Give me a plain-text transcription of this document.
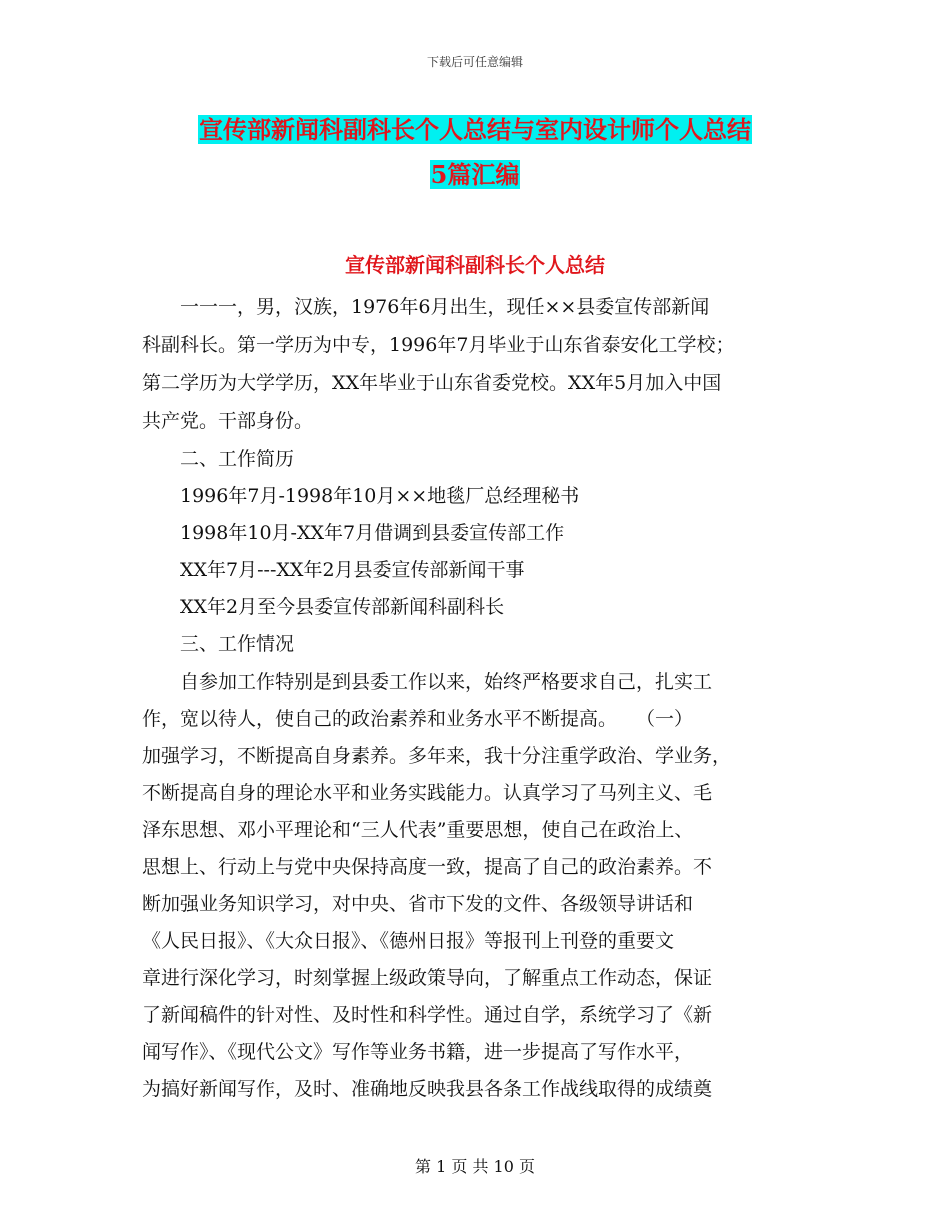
下载后可任意编辑
宣传部新闻科副科长个人总结与室内设计师个人总结
5篇汇编
宣传部新闻科副科长个人总结
　　一一一，男，汉族，1976年6月出生，现任××县委宣传部新闻
科副科长。第一学历为中专，1996年7月毕业于山东省泰安化工学校；
第二学历为大学学历，XX年毕业于山东省委党校。XX年5月加入中国
共产党。干部身份。
　　二、工作简历
　　1996年7月-1998年10月××地毯厂总经理秘书
　　1998年10月-XX年7月借调到县委宣传部工作
　　XX年7月---XX年2月县委宣传部新闻干事
　　XX年2月至今县委宣传部新闻科副科长
　　三、工作情况
　　自参加工作特别是到县委工作以来，始终严格要求自己，扎实工
作，宽以待人，使自己的政治素养和业务水平不断提高。　　（一）
加强学习，不断提高自身素养。多年来，我十分注重学政治、学业务，
不断提高自身的理论水平和业务实践能力。认真学习了马列主义、毛
泽东思想、邓小平理论和“三人代表”重要思想，使自己在政治上、
思想上、行动上与党中央保持高度一致，提高了自己的政治素养。不
断加强业务知识学习，对中央、省市下发的文件、各级领导讲话和
《人民日报》、《大众日报》、《德州日报》等报刊上刊登的重要文
章进行深化学习，时刻掌握上级政策导向，了解重点工作动态，保证
了新闻稿件的针对性、及时性和科学性。通过自学，系统学习了《新
闻写作》、《现代公文》写作等业务书籍，进一步提高了写作水平，
为搞好新闻写作，及时、准确地反映我县各条工作战线取得的成绩奠
第 1 页 共 10 页
